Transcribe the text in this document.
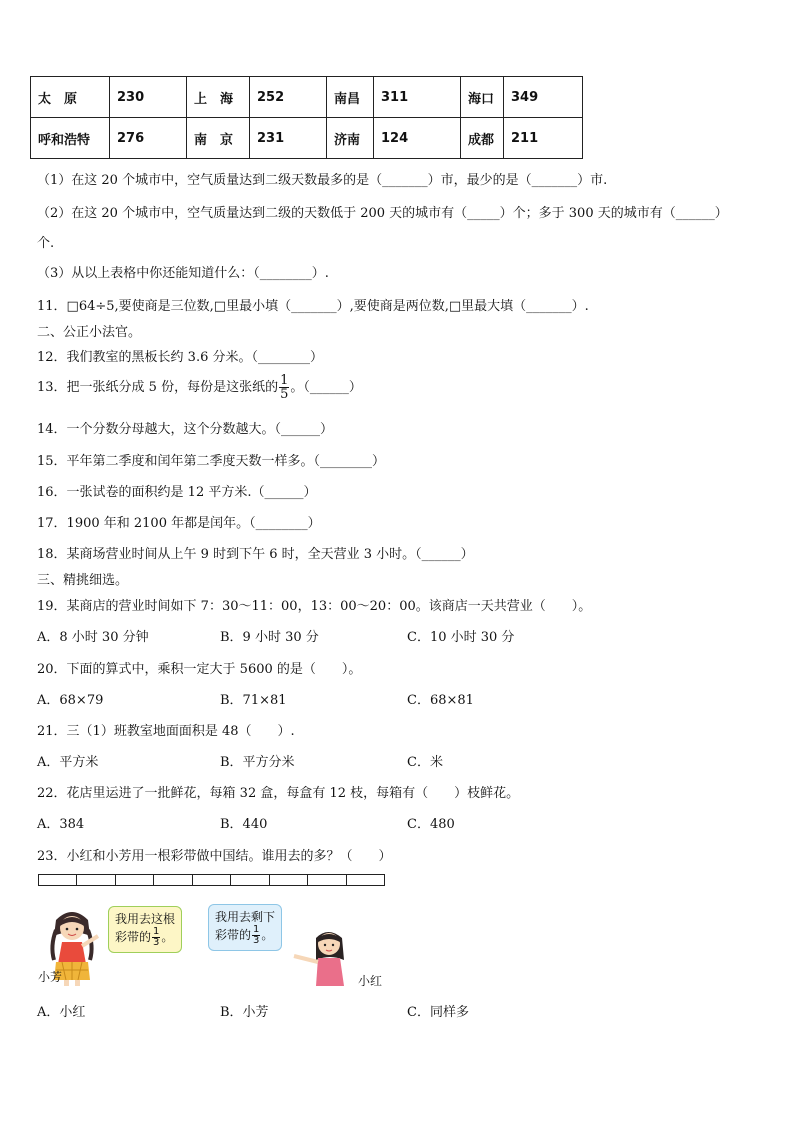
太　原	230	上　海	252	南昌	311	海口	349
呼和浩特	276	南　京	231	济南	124	成都	211
（1）在这 20 个城市中，空气质量达到二级天数最多的是（_______）市，最少的是（_______）市.
（2）在这 20 个城市中，空气质量达到二级的天数低于 200 天的城市有（_____）个；多于 300 天的城市有（______）
个.
（3）从以上表格中你还能知道什么：（________）.
11．□64÷5,要使商是三位数,□里最小填（_______）,要使商是两位数,□里最大填（_______）.
二、公正小法官。
12．我们教室的黑板长约 3.6 分米。（________）
13．把一张纸分成 5 份，每份是这张纸的 $\frac{1}{5}$ 。（______）
14．一个分数分母越大，这个分数越大。（______）
15．平年第二季度和闰年第二季度天数一样多。（________）
16．一张试卷的面积约是 12 平方米.（______）
17．1900 年和 2100 年都是闰年。（________）
18．某商场营业时间从上午 9 时到下午 6 时，全天营业 3 小时。（______）
三、精挑细选。
19．某商店的营业时间如下 7：30～11：00，13：00～20：00。该商店一天共营业（　　）。
A．8 小时 30 分钟	B．9 小时 30 分	C．10 小时 30 分
20．下面的算式中，乘积一定大于 5600 的是（　　）。
A．68×79	B．71×81	C．68×81
21．三（1）班教室地面面积是 48（　　）.
A．平方米	B．平方分米	C．米
22．花店里运进了一批鲜花，每箱 32 盒，每盒有 12 枝，每箱有（　　）枝鲜花。
A．384	B．440	C．480
23．小红和小芳用一根彩带做中国结。谁用去的多？（　　）
小芳
我用去这根
彩带的 $\frac{1}{3}$ 。
我用去剩下
彩带的 $\frac{1}{3}$ 。
小红
A．小红	B．小芳	C．同样多
